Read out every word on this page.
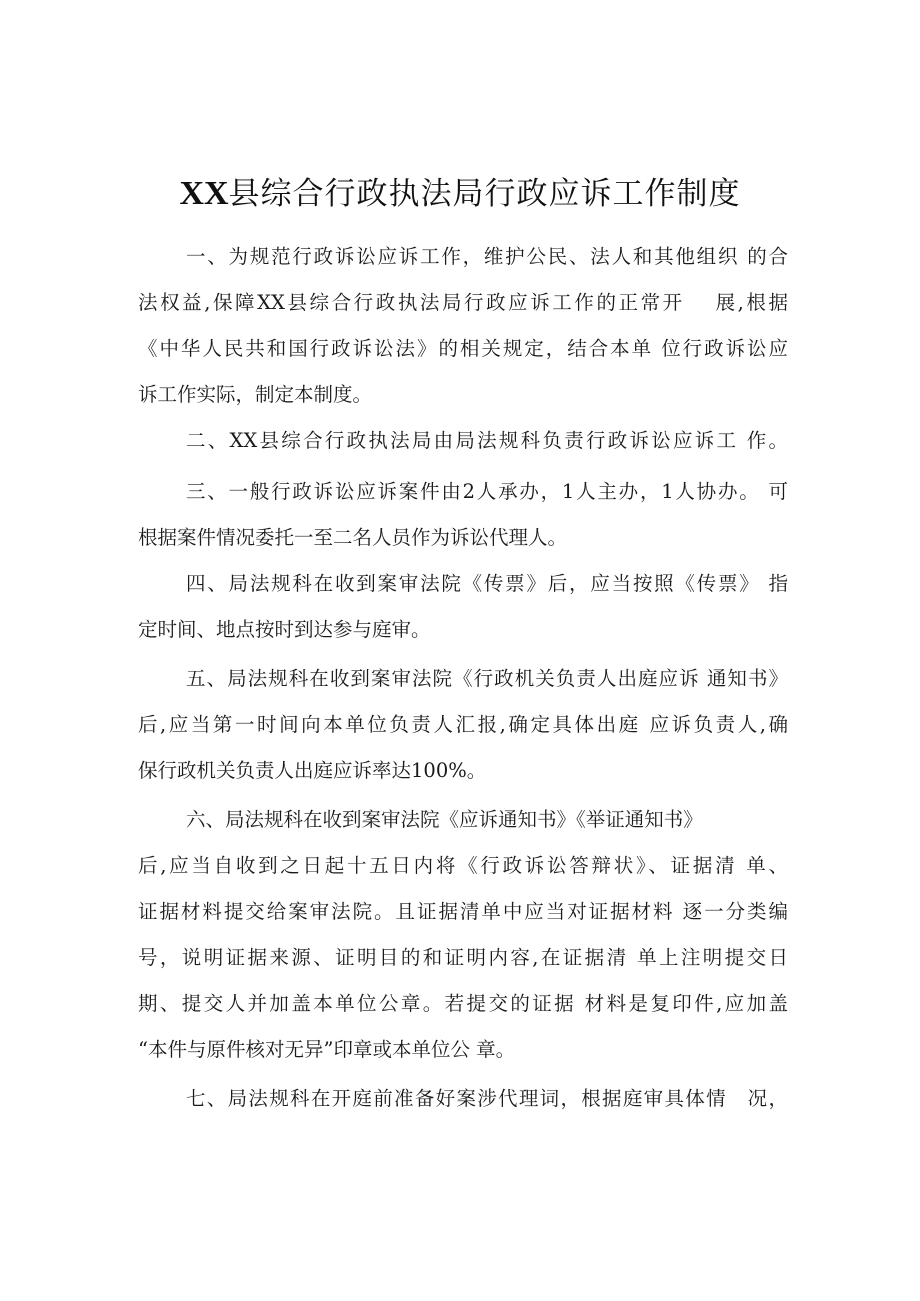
XX县综合行政执法局行政应诉工作制度
一、为规范行政诉讼应诉工作，维护公民、法人和其他组织 的合
法权益,保障XX县综合行政执法局行政应诉工作的正常开　 展,根据
《中华人民共和国行政诉讼法》的相关规定，结合本单 位行政诉讼应
诉工作实际，制定本制度。
二、XX县综合行政执法局由局法规科负责行政诉讼应诉工 作。
三、一般行政诉讼应诉案件由2人承办，1人主办，1人协办。 可
根据案件情况委托一至二名人员作为诉讼代理人。
四、局法规科在收到案审法院《传票》后，应当按照《传票》 指
定时间、地点按时到达参与庭审。
五、局法规科在收到案审法院《行政机关负责人出庭应诉 通知书》
后,应当第一时间向本单位负责人汇报,确定具体出庭 应诉负责人,确
保行政机关负责人出庭应诉率达100%。
六、局法规科在收到案审法院《应诉通知书》《举证通知书》
后,应当自收到之日起十五日内将《行政诉讼答辩状》、证据清 单、
证据材料提交给案审法院。且证据清单中应当对证据材料 逐一分类编
号，说明证据来源、证明目的和证明内容,在证据清 单上注明提交日
期、提交人并加盖本单位公章。若提交的证据 材料是复印件,应加盖
“本件与原件核对无异”印章或本单位公 章。
七、局法规科在开庭前准备好案涉代理词，根据庭审具体情　况，
